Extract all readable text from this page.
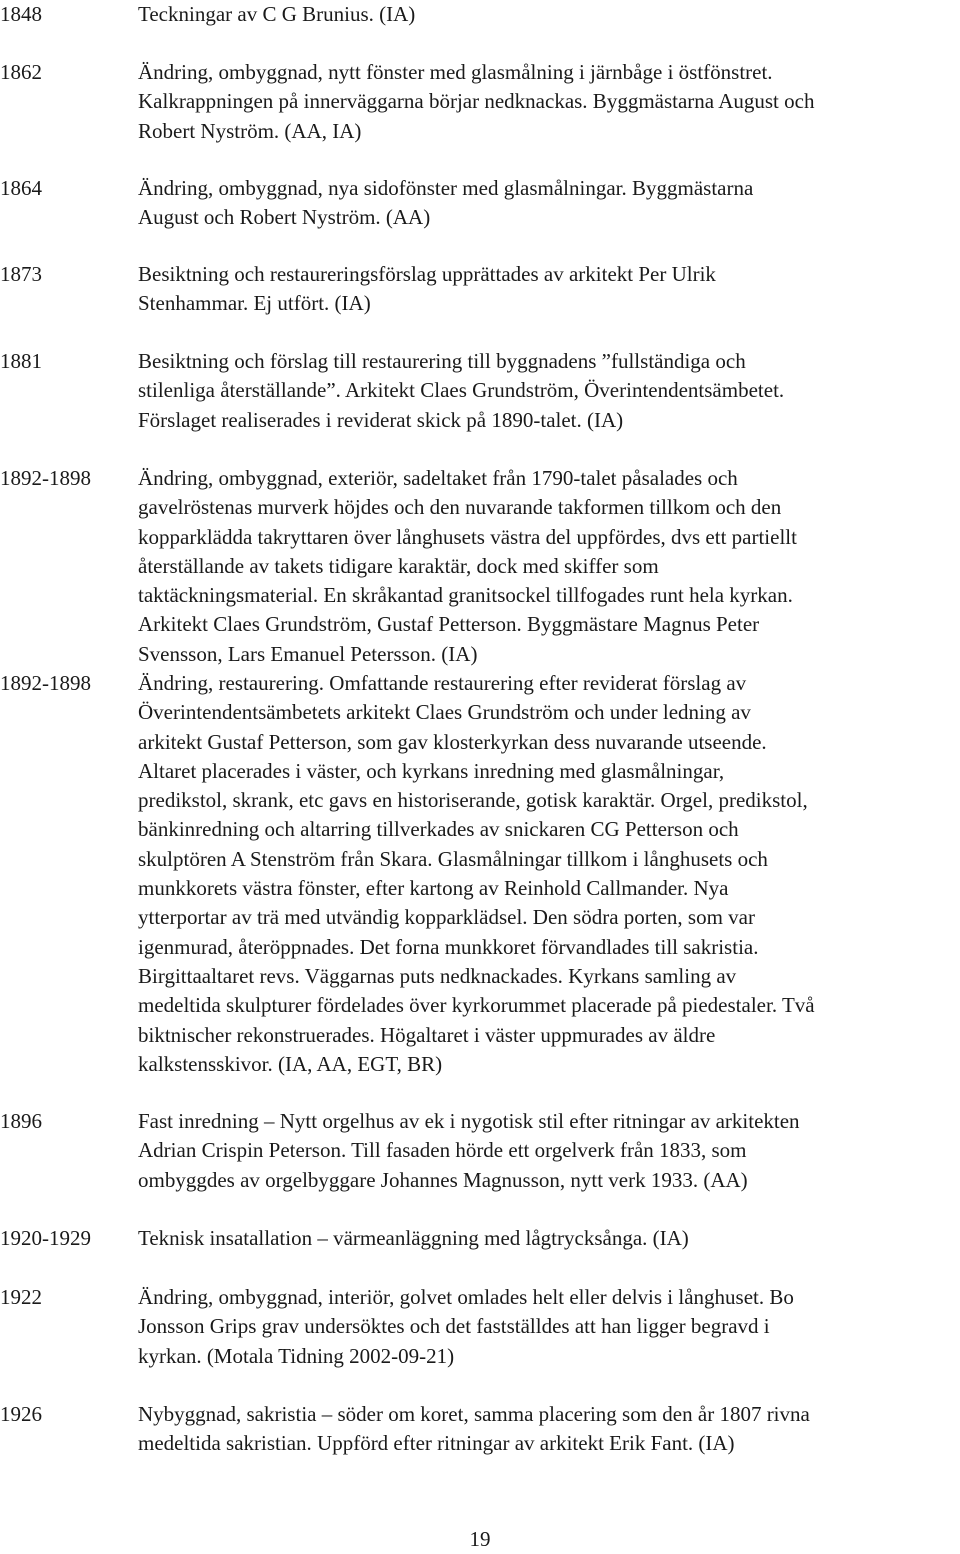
1848	Teckningar av C G Brunius. (IA)
1862	Ändring, ombyggnad, nytt fönster med glasmålning i järnbåge i östfönstret.
Kalkrappningen på innerväggarna börjar nedknackas. Byggmästarna August och
Robert Nyström. (AA, IA)
1864	Ändring, ombyggnad, nya sidofönster med glasmålningar. Byggmästarna
August och Robert Nyström. (AA)
1873	Besiktning och restaureringsförslag upprättades av arkitekt Per Ulrik
Stenhammar. Ej utfört. (IA)
1881	Besiktning och förslag till restaurering till byggnadens ”fullständiga och
stilenliga återställande”. Arkitekt Claes Grundström, Överintendentsämbetet.
Förslaget realiserades i reviderat skick på 1890-talet. (IA)
1892-1898	Ändring, ombyggnad, exteriör, sadeltaket från 1790-talet påsalades och
gavelröstenas murverk höjdes och den nuvarande takformen tillkom och den
kopparklädda takryttaren över långhusets västra del uppfördes, dvs ett partiellt
återställande av takets tidigare karaktär, dock med skiffer som
taktäckningsmaterial. En skråkantad granitsockel tillfogades runt hela kyrkan.
Arkitekt Claes Grundström, Gustaf Petterson. Byggmästare Magnus Peter
Svensson, Lars Emanuel Petersson. (IA)
1892-1898	Ändring, restaurering. Omfattande restaurering efter reviderat förslag av
Överintendentsämbetets arkitekt Claes Grundström och under ledning av
arkitekt Gustaf Petterson, som gav klosterkyrkan dess nuvarande utseende.
Altaret placerades i väster, och kyrkans inredning med glasmålningar,
predikstol, skrank, etc gavs en historiserande, gotisk karaktär. Orgel, predikstol,
bänkinredning och altarring tillverkades av snickaren CG Petterson och
skulptören A Stenström från Skara. Glasmålningar tillkom i långhusets och
munkkorets västra fönster, efter kartong av Reinhold Callmander. Nya
ytterportar av trä med utvändig kopparklädsel. Den södra porten, som var
igenmurad, återöppnades. Det forna munkkoret förvandlades till sakristia.
Birgittaaltaret revs. Väggarnas puts nedknackades. Kyrkans samling av
medeltida skulpturer fördelades över kyrkorummet placerade på piedestaler. Två
biktnischer rekonstruerades. Högaltaret i väster uppmurades av äldre
kalkstensskivor. (IA, AA, EGT, BR)
1896	Fast inredning – Nytt orgelhus av ek i nygotisk stil efter ritningar av arkitekten
Adrian Crispin Peterson. Till fasaden hörde ett orgelverk från 1833, som
ombyggdes av orgelbyggare Johannes Magnusson, nytt verk 1933. (AA)
1920-1929	Teknisk insatallation – värmeanläggning med lågtrycksånga. (IA)
1922	Ändring, ombyggnad, interiör, golvet omlades helt eller delvis i långhuset. Bo
Jonsson Grips grav undersöktes och det fastställdes att han ligger begravd i
kyrkan. (Motala Tidning 2002-09-21)
1926	Nybyggnad, sakristia – söder om koret, samma placering som den år 1807 rivna
medeltida sakristian. Uppförd efter ritningar av arkitekt Erik Fant. (IA)
19
